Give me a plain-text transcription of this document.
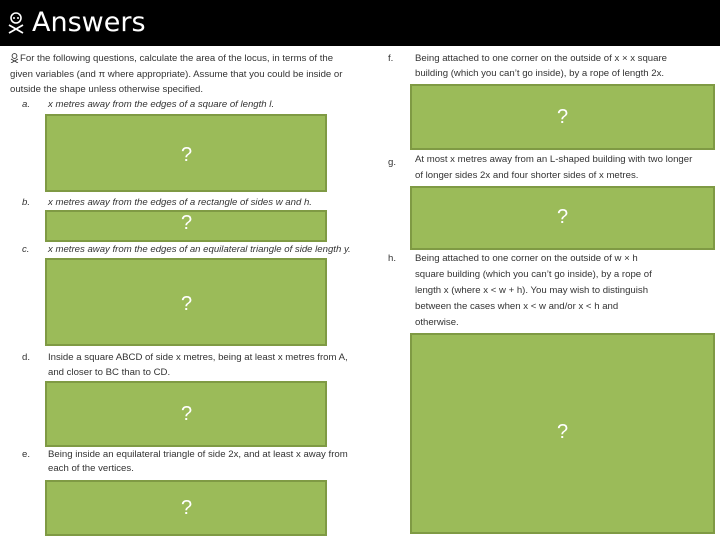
Answers
For the following questions, calculate the area of the locus, in terms of the
given variables (and π where appropriate). Assume that you could be inside or
outside the shape unless otherwise specified.
a. x metres away from the edges of a square of length l.
?
b. x metres away from the edges of a rectangle of sides w and h.
?
c. x metres away from the edges of an equilateral triangle of side length y.
?
d. Inside a square ABCD of side x metres, being at least x metres from A,
and closer to BC than to CD.
?
e. Being inside an equilateral triangle of side 2x, and at least x away from
each of the vertices.
?
f. Being attached to one corner on the outside of x × x square
building (which you can’t go inside), by a rope of length 2x.
?
g. At most x metres away from an L-shaped building with two longer
of longer sides 2x and four shorter sides of x metres.
?
h. Being attached to one corner on the outside of w × h
square building (which you can’t go inside), by a rope of
length x (where x < w + h). You may wish to distinguish
between the cases when x < w and/or x < h and
otherwise.
?
